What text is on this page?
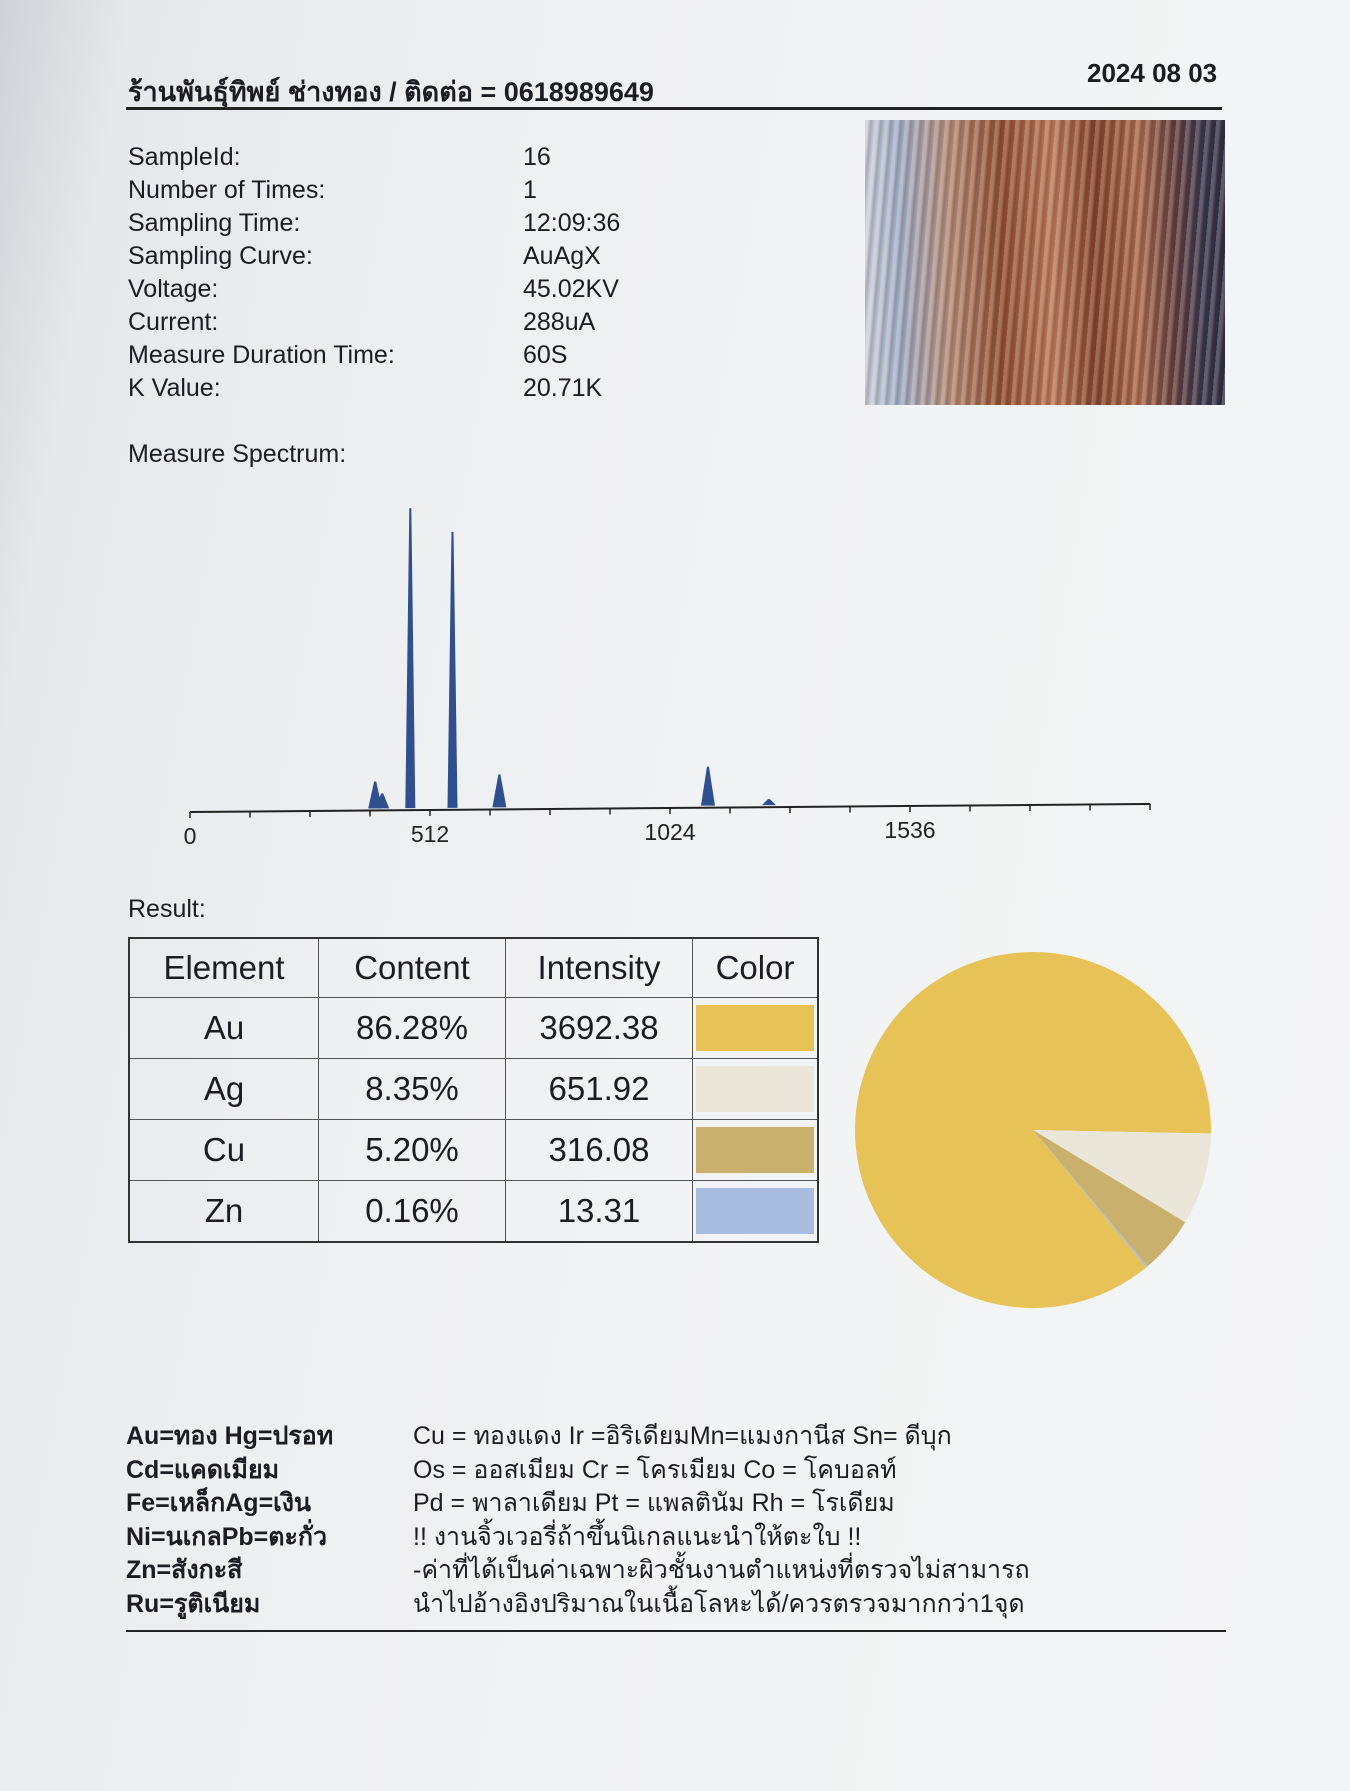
ร้านพันธุ์ทิพย์ ช่างทอง / ติดต่อ = 0618989649
2024 08 03
SampleId:	16
Number of Times:	1
Sampling Time:	12:09:36
Sampling Curve:	AuAgX
Voltage:	45.02KV
Current:	288uA
Measure Duration Time:	60S
K Value:	20.71K
Measure Spectrum:
0	512	1024	1536
Result:
Element	Content	Intensity	Color
Au	86.28%	3692.38	

Ag	8.35%	651.92	

Cu	5.20%	316.08	

Zn	0.16%	13.31	
Au=ทอง Hg=ปรอท
Cd=แคดเมียม
Fe=เหล็กAg=เงิน
Ni=นเกลPb=ตะกั่ว
Zn=สังกะสี
Ru=รูติเนียม
Cu = ทองแดง Ir =อิริเดียมMn=แมงกานีส Sn= ดีบุก
Os = ออสเมียม Cr = โครเมียม Co = โคบอลท์
Pd = พาลาเดียม Pt = แพลตินัม Rh = โรเดียม
!! งานจิ้วเวอรี่ถ้าขึ้นนิเกลแนะนำให้ตะใบ !!
-ค่าที่ได้เป็นค่าเฉพาะผิวชั้นงานตำแหน่งที่ตรวจไม่สามารถ
นำไปอ้างอิงปริมาณในเนื้อโลหะได้/ควรตรวจมากกว่า1จุด
